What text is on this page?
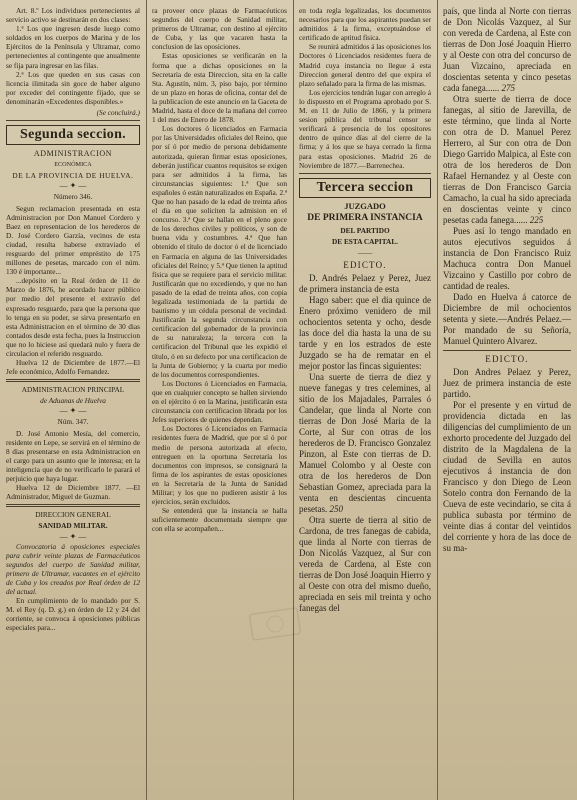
Art. 8.º Los individuos pertenecientes al servicio activo se destinarán en dos clases:

1.ª Los que ingresen desde luego como soldados en los cuerpos de Marina y de los Ejércitos de la Península y Ultramar, como pertenecientes al contingente que anualmente se fija para ingresar en las filas.

2.ª Los que queden en sus casas con licencia ilimitada sin goce de haber alguno por exceder del contingente fijado, que se denominarán «Excedentes disponibles.»

(Se concluirá.)

Segunda seccion.

ADMINISTRACION

ECONÓMICA

DE LA PROVINCIA DE HUELVA.

— ✦ —

Número 346.

Segun reclamacion presentada en esta Administracion por Don Manuel Cordero y Baez en representacion de los herederos de D. José Cordero Garzía, vecinos de esta ciudad, resulta haberse extraviado el resguardo del primer empréstito de 175 millones de pesetas, marcado con el núm. 130 é importante...

...depósito en la Real órden de 11 de Marzo de 1876, he acordado hacer público por medio del presente el extravío del expresado resguardo, para que la persona que lo tenga en su poder, se sirva presentarlo en esta Administracion en el término de 30 dias contados desde esta fecha, pues la Instruccion que no lo hiciese así quedará nulo y fuera de circulacion el referido resguardo.

Huelva 12 de Diciembre de 1877.—El Jefe económico, Adolfo Fernandez.

ADMINISTRACION PRINCIPAL

de Aduanas de Huelva

— ✦ —

Núm. 347.

D. José Antonio Mesía, del comercio, residente en Lepe, se servirá en el término de 8 dias presentarse en esta Administracion en el cargo para un asunto que le interesa; en la inteligencia que de no verificarlo le parará el perjuicio que haya lugar.

Huelva 12 de Diciembre 1877. —El Administrador, Miguel de Guzman.

DIRECCION GENERAL

SANIDAD MILITAR.

— ✦ —

Convocatoria á oposiciones especiales para cubrir veinte plazas de Farmacéuticos segundos del cuerpo de Sanidad militar, primero de Ultramar, vacantes en el ejército de Cuba y los creados por Real órden de 12 del actual.

En cumplimiento de lo mandado por S. M. el Rey (q. D. g.) en órden de 12 y 24 del corriente, se convoca á oposiciones públicas especiales para...

ra proveer once plazas de Farmacéuticos segundos del cuerpo de Sanidad militar, primeros de Ultramar, con destino al ejército de Cuba, y las que vacaren hasta la conclusion de las oposiciones.

Estas oposiciones se verificarán en la forma que a dichas oposiciones en la Secretaría de esta Direccion, sita en la calle Sta. Agustín, núm. 3, piso bajo, por término de un plazo en horas de oficina, contar del de la publicacion de este anuncio en la Gaceta de Madrid, hasta el doce de la mañana del correo 1 del mes de Enero de 1878.

Los doctores ó licenciados en Farmacia por las Universidades oficiales del Reino, que por sí ó por medio de persona debidamente autorizada, quieran firmar estas oposiciones, deberán justificar cuantos requisitos se exigen para ser admitidos á la firma, las circunstancias siguientes: 1.ª Que son españoles ó están naturalizados en España. 2.ª Que no han pasado de la edad de treinta años el dia en que soliciten la admision en el concurso. 3.ª Que se hallan en el pleno goce de los derechos civiles y políticos, y son de buena vida y costumbres. 4.ª Que han obtenido el título de doctor ó el de licenciado en Farmacia en alguna de las Universidades oficiales del Reino; y 5.ª Que tienen la aptitud física que se requiere para el servicio militar. Justificarán que no excediendo, y que no han pasado de la edad de treinta años, con copia legalizada testimoniada de la partida de bautismo y un cédula personal de vecindad. Justificarán la segunda circunstancia con certificacion del gobernador de la provincia de su naturaleza; la tercera con la certificacion del Tribunal que les expidió el título, ó en su defecto por una certificacion de la Junta de Gobierno; y la cuarta por medio de los documentos correspondientes.

Los Doctores ó Licenciados en Farmacia, que en cualquier concepto se hallen sirviendo en el ejército ó en la Marina, justificarán esta circunstancia con certificacion librada por los Jefes superiores de quienes dependan.

Los Doctores ó Licenciados en Farmacia residentes fuera de Madrid, que por sí ó por medio de persona autorizada al efecto, entreguen en la oportuna Secretaría los documentos con impresos, se consignará la firma de los aspirantes de estas oposiciones en la Secretaría de la Junta de Sanidad Militar; y los que no pudieren asistir á los ejercicios, serán excluidos.

Se entenderá que la instancia se halla suficientemente documentada siempre que con ella se acompañen...

en toda regla legalizadas, los documentos necesarios para que los aspirantes puedan ser admitidos á la firma, exceptuándose el certificado de aptitud física.

Se reunirá admitidos á las oposiciones los Doctores ó Licenciados residentes fuera de Madrid cuya instancia no llegue á esta Direccion general dentro del que expira el plazo señalado para la firma de las mismas.

Los ejercicios tendrán lugar con arreglo á lo dispuesto en el Programa aprobado por S. M. en 11 de Julio de 1866, y la primera sesion pública del tribunal censor se verificará á presencia de los opositores dentro de quince días al del cierre de la firma; y á los que se haya cerrado la firma para estas oposiciones. Madrid 26 de Noviembre de 1877.—Barrenechea.

Tercera seccion

JUZGADO

DE PRIMERA INSTANCIA

DEL PARTIDO

DE ESTA CAPITAL.

——

EDICTO.

D. Andrés Pelaez y Perez, Juez de primera instancia de esta

Hago saber: que el dia quince de Enero próximo venidero de mil ochocientos setenta y ocho, desde las doce del dia hasta la una de su tarde y en los estrados de este Juzgado se ha de rematar en el mejor postor las fincas siguientes:

Una suerte de tierra de diez y nueve fanegas y tres celemines, al sitio de los Majadales, Parrales ó Candelar, que linda al Norte con tierras de Don José Maria de la Corte, al Sur con otras de los herederos de D. Francisco Gonzalez Pinzon, al Este con tierras de D. Manuel Colombo y al Oeste con otra de los herederos de Don Sebastian Gomez, apreciada para la venta en descientas cincuenta pesetas. 250

Otra suerte de tierra al sitio de Cardona, de tres fanegas de cabida, que linda al Norte con tierras de Don Nicolás Vazquez, al Sur con vereda de Cardena, al Este con tierras de Don José Joaquin Hierro y al Oeste con otra del mismo dueño, apreciada en seis mil treinta y ocho fanegas del

país, que linda al Norte con tierras de Don Nicolás Vazquez, al Sur con vereda de Cardena, al Este con tierras de Don José Joaquin Hierro y al Oeste con otra del concurso de Juan Vizcaino, apreciada en doscientas setenta y cinco pesetas cada fanega...... 275

Otra suerte de tierra de doce fanegas, al sitio de Jarevilla, de este término, que linda al Norte con otra de D. Manuel Perez Herrero, al Sur con otra de Don Diego Garrido Malpica, al Este con otra de los herederos de Don Rafael Hernandez y al Oeste con tierras de Don Francisco Garcia Camacho, la cual ha sido apreciada en doscientas veinte y cinco pesetas cada fanega...... 225

Pues así lo tengo mandado en autos ejecutivos seguidos á instancia de Don Francisco Ruiz Machuca contra Don Manuel Vizcaino y Castillo por cobro de cantidad de reales.

Dado en Huelva á catorce de Diciembre de mil ochocientos setenta y siete.—Andrés Pelaez.—Por mandado de su Señoría, Manuel Quintero Alvarez.

EDICTO.

Don Andres Pelaez y Perez, Juez de primera instancia de este partido.

Por el presente y en virtud de providencia dictada en las diligencias del cumplimiento de un exhorto procedente del Juzgado del distrito de la Magdalena de la ciudad de Sevilla en autos ejecutivos á instancia de don Francisco y don Diego de Leon Sotelo contra don Fernando de la Cueva de este vecindario, se cita á publica subasta por término de veinte dias á contar del veintidos del corriente y hora de las doce de su ma-
